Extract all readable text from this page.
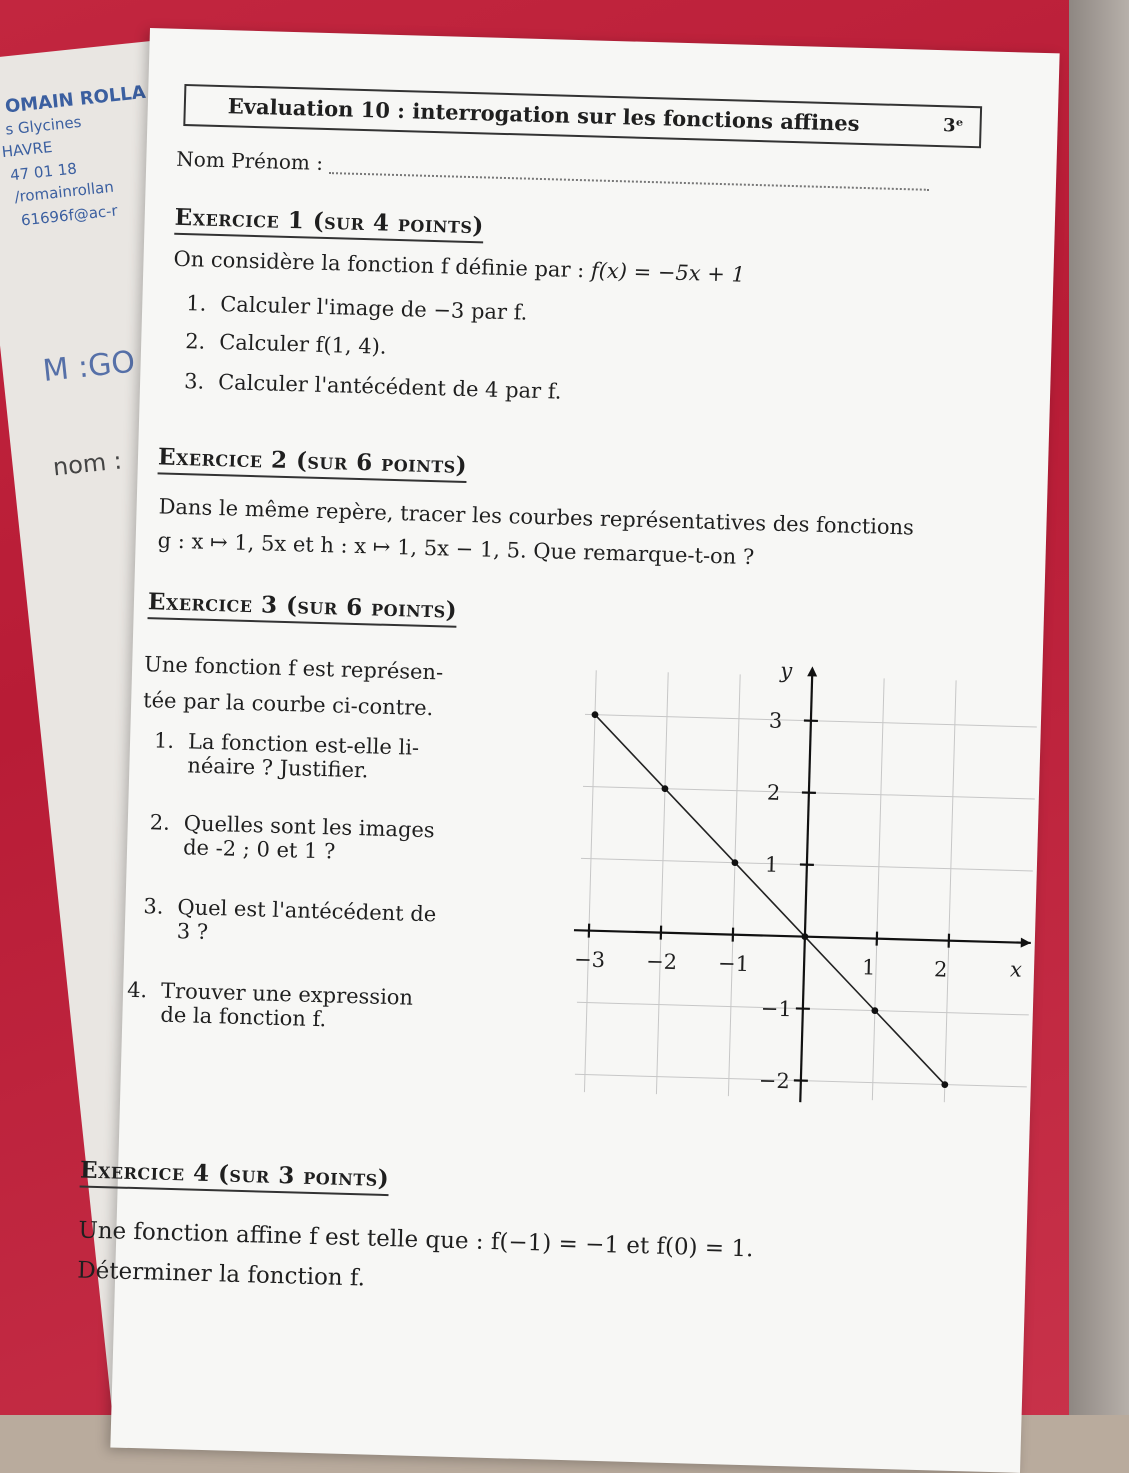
OMAIN ROLLA
s Glycines
HAVRE
47 01 18
/romainrollan
61696f@ac-r
M :GO
nom :
Evaluation 10 : interrogation sur les fonctions affines	3ᵉ
Nom Prénom :
Exercice 1 (sur 4 points)
On considère la fonction f définie par : f(x) = −5x + 1
1. Calculer l'image de −3 par f.
2. Calculer f(1, 4).
3. Calculer l'antécédent de 4 par f.
Exercice 2 (sur 6 points)
Dans le même repère, tracer les courbes représentatives des fonctions
g : x ↦ 1, 5x et h : x ↦ 1, 5x − 1, 5. Que remarque-t-on ?
Exercice 3 (sur 6 points)
Une fonction f est représen-
tée par la courbe ci-contre.
1. La fonction est-elle li-
néaire ? Justifier.
2. Quelles sont les images
de -2 ; 0 et 1 ?
3. Quel est l'antécédent de
3 ?
4. Trouver une expression
de la fonction f.
−3 −2 −1	1	2
−2
−1
1
2
3
x
y
Exercice 4 (sur 3 points)
Une fonction affine f est telle que : f(−1) = −1 et f(0) = 1.
Déterminer la fonction f.
